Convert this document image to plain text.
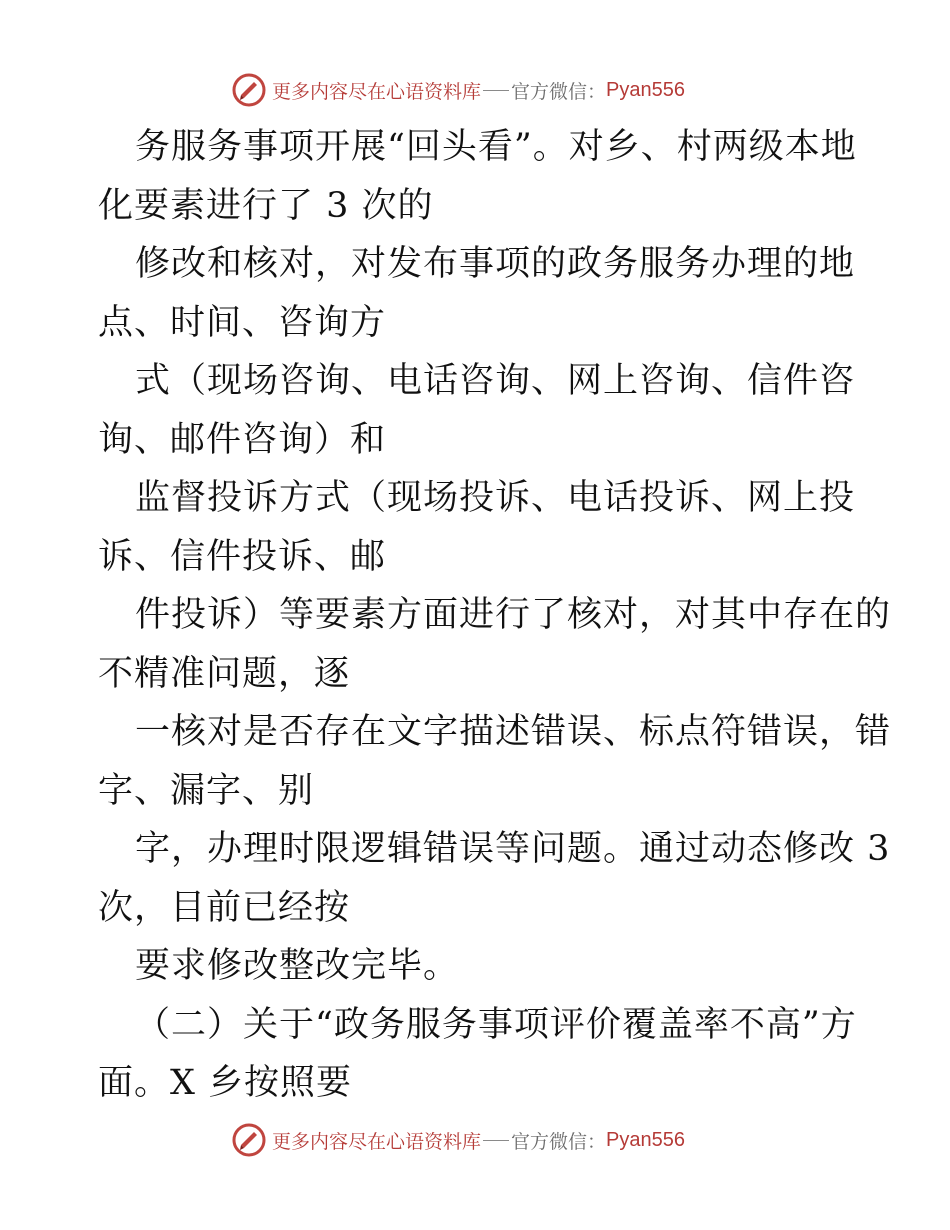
更多内容尽在心语资料库 官方微信： Pyan556
务服务事项开展“回头看”。对乡、村两级本地
化要素进行了 3 次的
修改和核对，对发布事项的政务服务办理的地
点、时间、咨询方
式（现场咨询、电话咨询、网上咨询、信件咨
询、邮件咨询）和
监督投诉方式（现场投诉、电话投诉、网上投
诉、信件投诉、邮
件投诉）等要素方面进行了核对，对其中存在的
不精准问题，逐
一核对是否存在文字描述错误、标点符错误，错
字、漏字、别
字，办理时限逻辑错误等问题。通过动态修改 3
次，目前已经按
要求修改整改完毕。
（二）关于“政务服务事项评价覆盖率不高”方
面。X 乡按照要
更多内容尽在心语资料库 官方微信： Pyan556
